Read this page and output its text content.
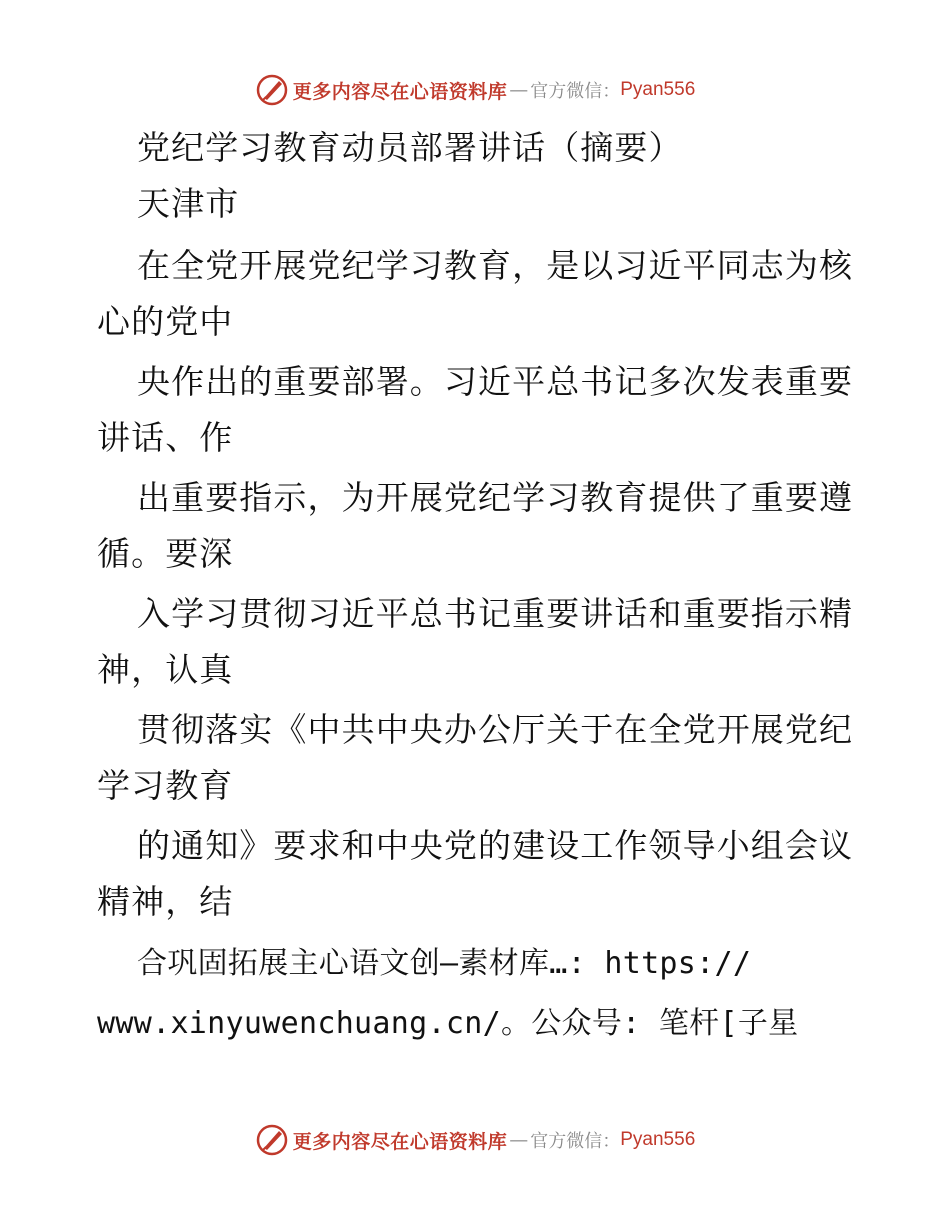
更多内容尽在心语资料库 — 官方微信： Pyan556
党纪学习教育动员部署讲话（摘要）
天津市
在全党开展党纪学习教育，是以习近平同志为核
心的党中
央作出的重要部署。习近平总书记多次发表重要
讲话、作
出重要指示，为开展党纪学习教育提供了重要遵
循。要深
入学习贯彻习近平总书记重要讲话和重要指示精
神，认真
贯彻落实《中共中央办公厅关于在全党开展党纪
学习教育
的通知》要求和中央党的建设工作领导小组会议
精神，结
合巩固拓展主心语文创—素材库…: https://
www.xinyuwenchuang.cn/。公众号: 笔杆[子星
更多内容尽在心语资料库 — 官方微信： Pyan556
